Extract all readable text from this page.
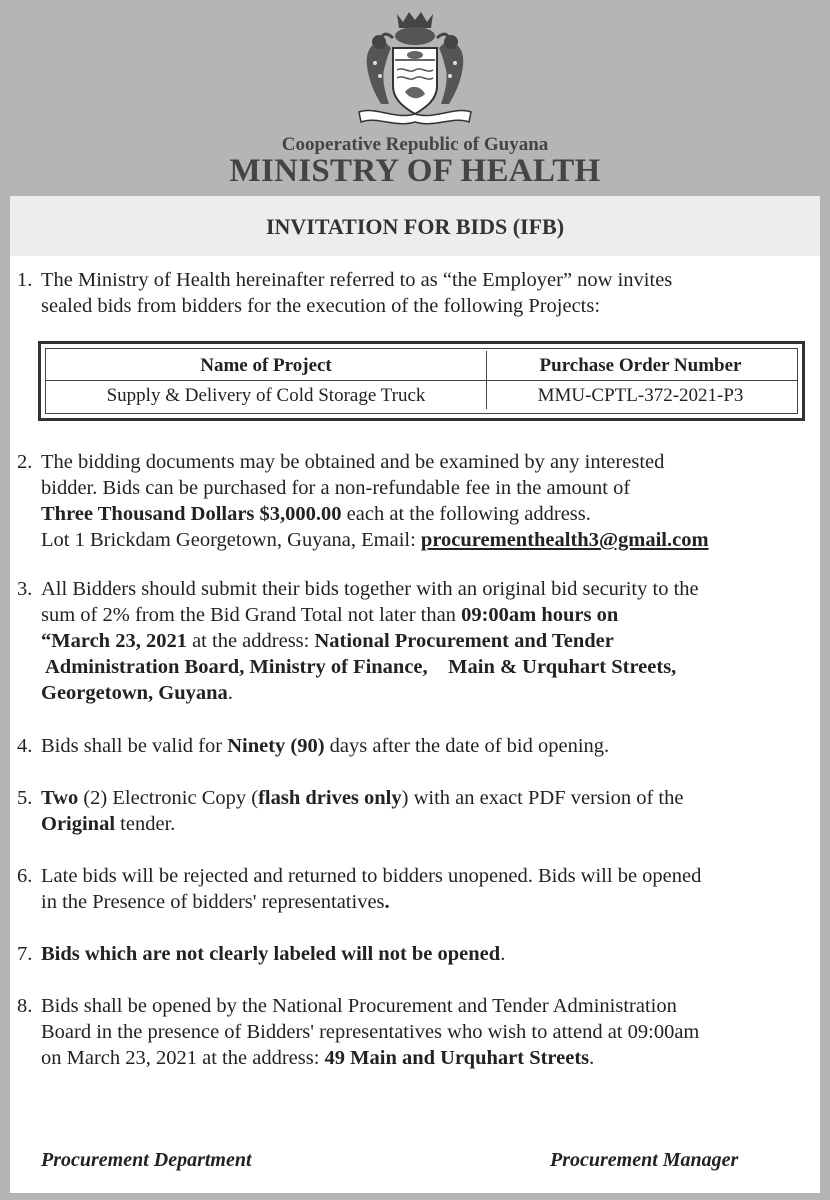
Cooperative Republic of Guyana
MINISTRY OF HEALTH
INVITATION FOR BIDS (IFB)
1. The Ministry of Health hereinafter referred to as “the Employer” now invites
sealed bids from bidders for the execution of the following Projects:
Name of Project	Purchase Order Number
Supply & Delivery of Cold Storage Truck	MMU-CPTL-372-2021-P3
2. The bidding documents may be obtained and be examined by any interested
bidder. Bids can be purchased for a non-refundable fee in the amount of
Three Thousand Dollars $3,000.00 each at the following address.
Lot 1 Brickdam Georgetown, Guyana, Email: procurementhealth3@gmail.com
3. All Bidders should submit their bids together with an original bid security to the
sum of 2% from the Bid Grand Total not later than 09:00am hours on
“March 23, 2021 at the address: National Procurement and Tender
Administration Board, Ministry of Finance,    Main & Urquhart Streets,
Georgetown, Guyana.
4. Bids shall be valid for Ninety (90) days after the date of bid opening.
5. Two (2) Electronic Copy (flash drives only) with an exact PDF version of the
Original tender.
6. Late bids will be rejected and returned to bidders unopened. Bids will be opened
in the Presence of bidders' representatives.
7. Bids which are not clearly labeled will not be opened.
8. Bids shall be opened by the National Procurement and Tender Administration
Board in the presence of Bidders' representatives who wish to attend at 09:00am
on March 23, 2021 at the address: 49 Main and Urquhart Streets.
Procurement Department	Procurement Manager
